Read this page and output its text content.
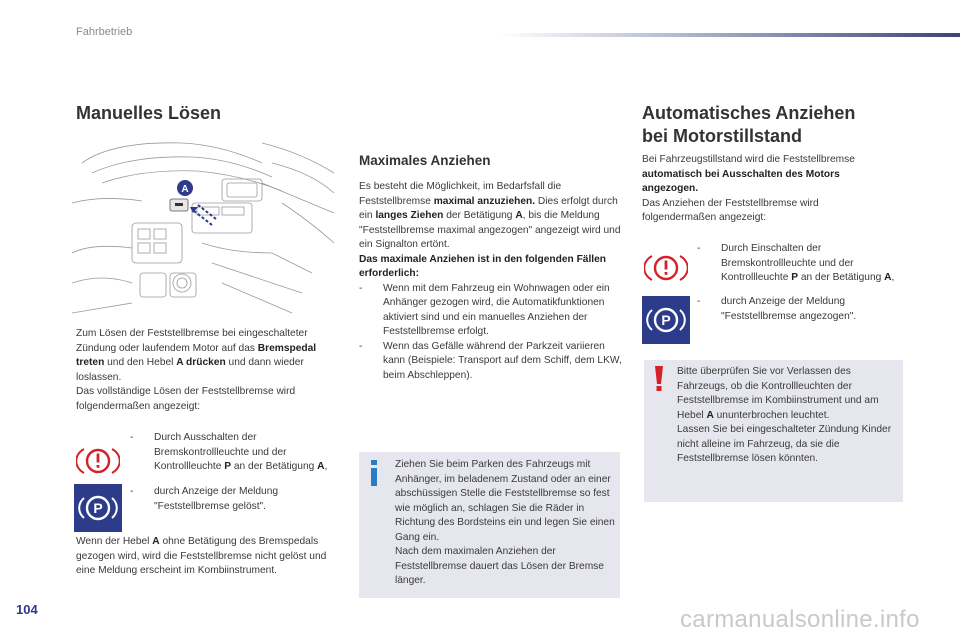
Fahrbetrieb
Manuelles Lösen
A
Zum Lösen der Feststellbremse bei eingeschalteter Zündung oder laufendem Motor auf das Bremspedal treten und den Hebel A drücken und dann wieder loslassen.
Das vollständige Lösen der Feststellbremse wird folgendermaßen angezeigt:
- Durch Ausschalten der Bremskontrollleuchte und der Kontrollleuchte P an der Betätigung A,
P
- durch Anzeige der Meldung "Feststellbremse gelöst".
Wenn der Hebel A ohne Betätigung des Bremspedals gezogen wird, wird die Feststellbremse nicht gelöst und eine Meldung erscheint im Kombiinstrument.
Maximales Anziehen
Es besteht die Möglichkeit, im Bedarfsfall die Feststellbremse maximal anzuziehen. Dies erfolgt durch ein langes Ziehen der Betätigung A, bis die Meldung "Feststellbremse maximal angezogen" angezeigt wird und ein Signalton ertönt.
Das maximale Anziehen ist in den folgenden Fällen erforderlich:
- Wenn mit dem Fahrzeug ein Wohnwagen oder ein Anhänger gezogen wird, die Automatikfunktionen aktiviert sind und ein manuelles Anziehen der Feststellbremse erfolgt.
- Wenn das Gefälle während der Parkzeit variieren kann (Beispiele: Transport auf dem Schiff, dem LKW, beim Abschleppen).
Ziehen Sie beim Parken des Fahrzeugs mit Anhänger, im beladenem Zustand oder an einer abschüssigen Stelle die Feststellbremse so fest wie möglich an, schlagen Sie die Räder in Richtung des Bordsteins ein und legen Sie einen Gang ein.
Nach dem maximalen Anziehen der Feststellbremse dauert das Lösen der Bremse länger.
Automatisches Anziehen
bei Motorstillstand
Bei Fahrzeugstillstand wird die Feststellbremse automatisch bei Ausschalten des Motors angezogen.
Das Anziehen der Feststellbremse wird folgendermaßen angezeigt:
- Durch Einschalten der Bremskontrollleuchte und der Kontrollleuchte P an der Betätigung A,
P
- durch Anzeige der Meldung "Feststellbremse angezogen".
Bitte überprüfen Sie vor Verlassen des Fahrzeugs, ob die Kontrollleuchten der Feststellbremse im Kombiinstrument und am Hebel A ununterbrochen leuchtet.
Lassen Sie bei eingeschalteter Zündung Kinder nicht alleine im Fahrzeug, da sie die Feststellbremse lösen könnten.
104	carmanualsonline.info
